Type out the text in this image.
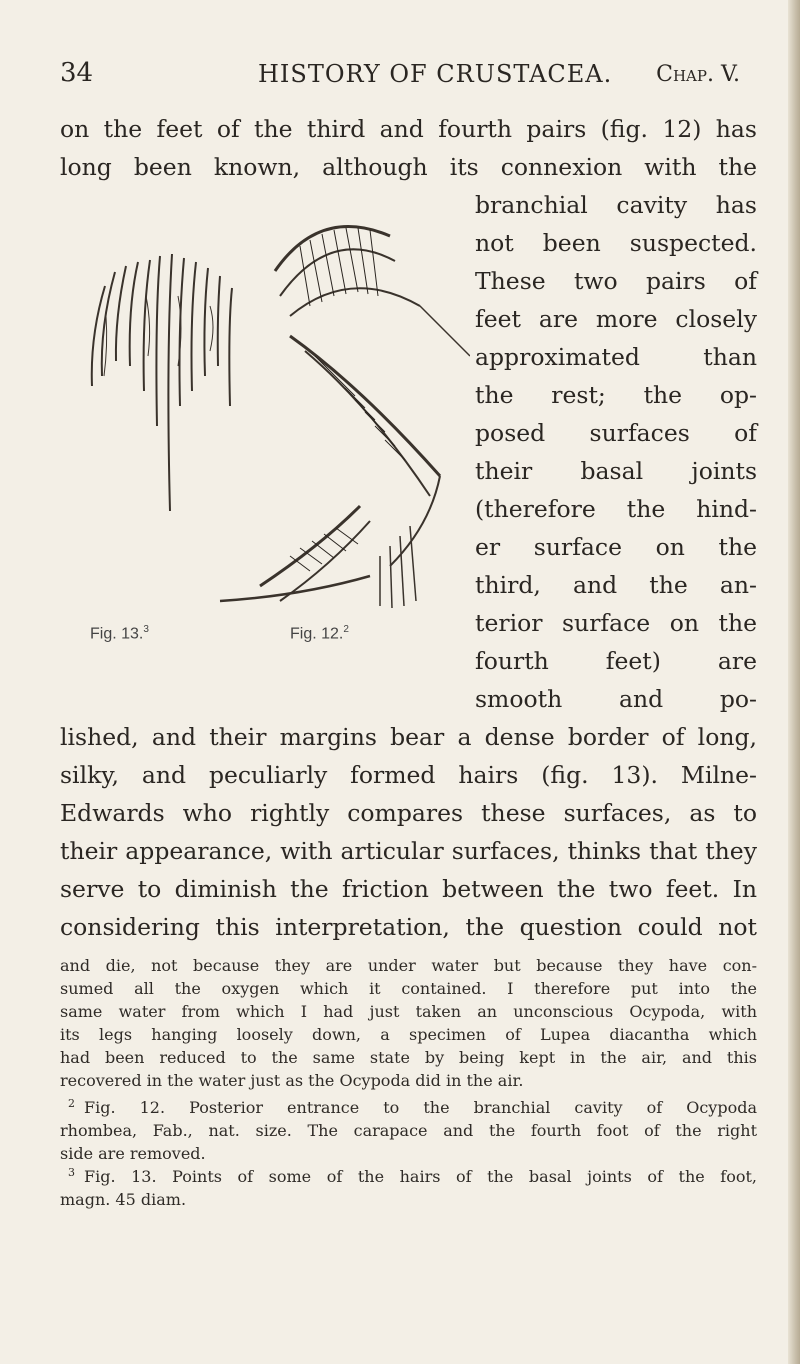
34	HISTORY OF CRUSTACEA. Chap. V.

on the feet of the third and fourth pairs (fig. 12) has

long been known, although its connexion with the

branchial cavity has

not been suspected.

These two pairs of

feet are more closely

approximated than

the rest; the op-

posed surfaces of

their basal joints

(therefore the hind-

er surface on the

third, and the an-

terior surface on the

fourth feet) are

smooth and po-

lished, and their margins bear a dense border of long,

silky, and peculiarly formed hairs (fig. 13). Milne-

Edwards who rightly compares these surfaces, as to

their appearance, with articular surfaces, thinks that they

serve to diminish the friction between the two feet. In

considering this interpretation, the question could not

Fig. 13.$^3$	Fig. 12.$^2$

and die, not because they are under water but because they have con-

sumed all the oxygen which it contained. I therefore put into the

same water from which I had just taken an unconscious Ocypoda, with

its legs hanging loosely down, a specimen of Lupea diacantha which

had been reduced to the same state by being kept in the air, and this

recovered in the water just as the Ocypoda did in the air.

2 Fig. 12. Posterior entrance to the branchial cavity of Ocypoda

rhombea, Fab., nat. size. The carapace and the fourth foot of the right

side are removed.

3 Fig. 13. Points of some of the hairs of the basal joints of the foot,

magn. 45 diam.
